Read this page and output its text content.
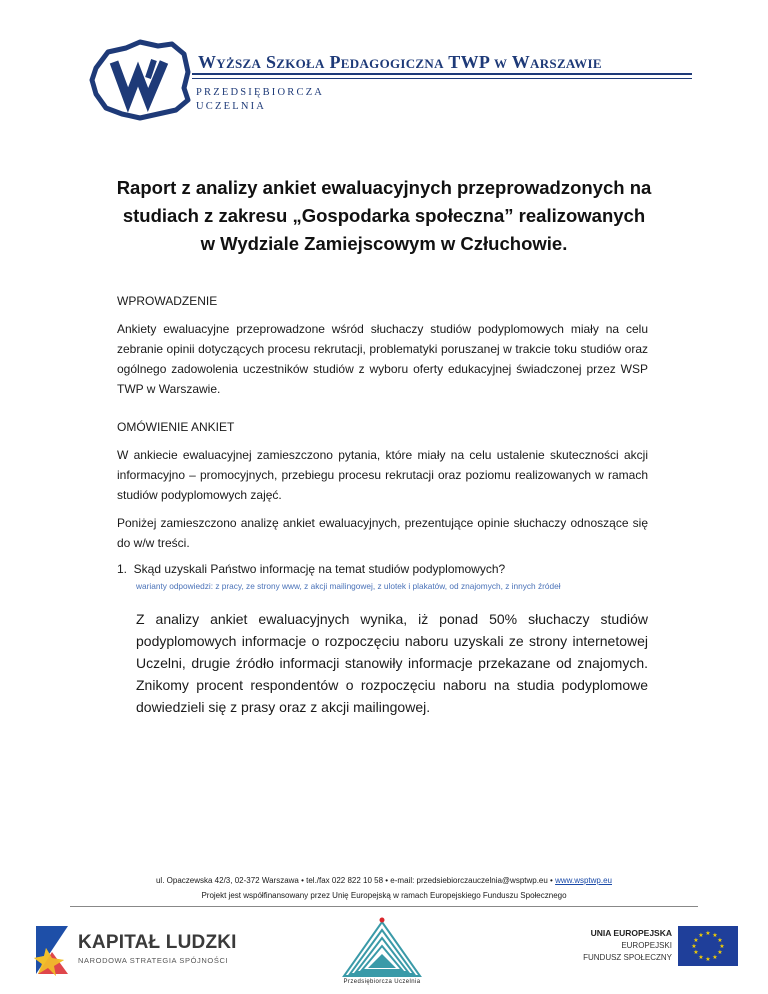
Wyższa Szkoła Pedagogiczna TWP w Warszawie
PRZEDSIĘBIORCZA
UCZELNIA
Raport z analizy ankiet ewaluacyjnych przeprowadzonych na
studiach z zakresu „Gospodarka społeczna” realizowanych
w Wydziale Zamiejscowym w Człuchowie.
WPROWADZENIE
Ankiety ewaluacyjne przeprowadzone wśród słuchaczy studiów podyplomowych miały na celu zebranie opinii dotyczących procesu rekrutacji, problematyki poruszanej w trakcie toku studiów oraz ogólnego zadowolenia uczestników studiów z wyboru oferty edukacyjnej świadczonej przez WSP TWP w Warszawie.
OMÓWIENIE ANKIET
W ankiecie ewaluacyjnej zamieszczono pytania, które miały na celu ustalenie skuteczności akcji informacyjno – promocyjnych, przebiegu procesu rekrutacji oraz poziomu realizowanych w ramach studiów podyplomowych zajęć.
Poniżej zamieszczono analizę ankiet ewaluacyjnych, prezentujące opinie słuchaczy odnoszące się do w/w treści.
1.  Skąd uzyskali Państwo informację na temat studiów podyplomowych?
warianty odpowiedzi: z pracy, ze strony www, z akcji mailingowej, z ulotek i plakatów, od znajomych, z innych źródeł
Z analizy ankiet ewaluacyjnych wynika, iż ponad 50% słuchaczy studiów podyplomowych informacje o rozpoczęciu naboru uzyskali ze strony internetowej Uczelni, drugie źródło informacji stanowiły informacje przekazane od znajomych. Znikomy procent respondentów o rozpoczęciu naboru na studia podyplomowe dowiedzieli się z prasy oraz z akcji mailingowej.
ul. Opaczewska 42/3, 02-372 Warszawa • tel./fax 022 822 10 58 • e-mail: przedsiebiorczauczelnia@wsptwp.eu • www.wsptwp.eu
Projekt jest współfinansowany przez Unię Europejską w ramach Europejskiego Funduszu Społecznego
KAPITAŁ LUDZKI
NARODOWA STRATEGIA SPÓJNOŚCI
Przedsiębiorcza Uczelnia
UNIA EUROPEJSKA
EUROPEJSKI
FUNDUSZ SPOŁECZNY
★ ★
★
★
★
★
★
★
★
★
★
★
